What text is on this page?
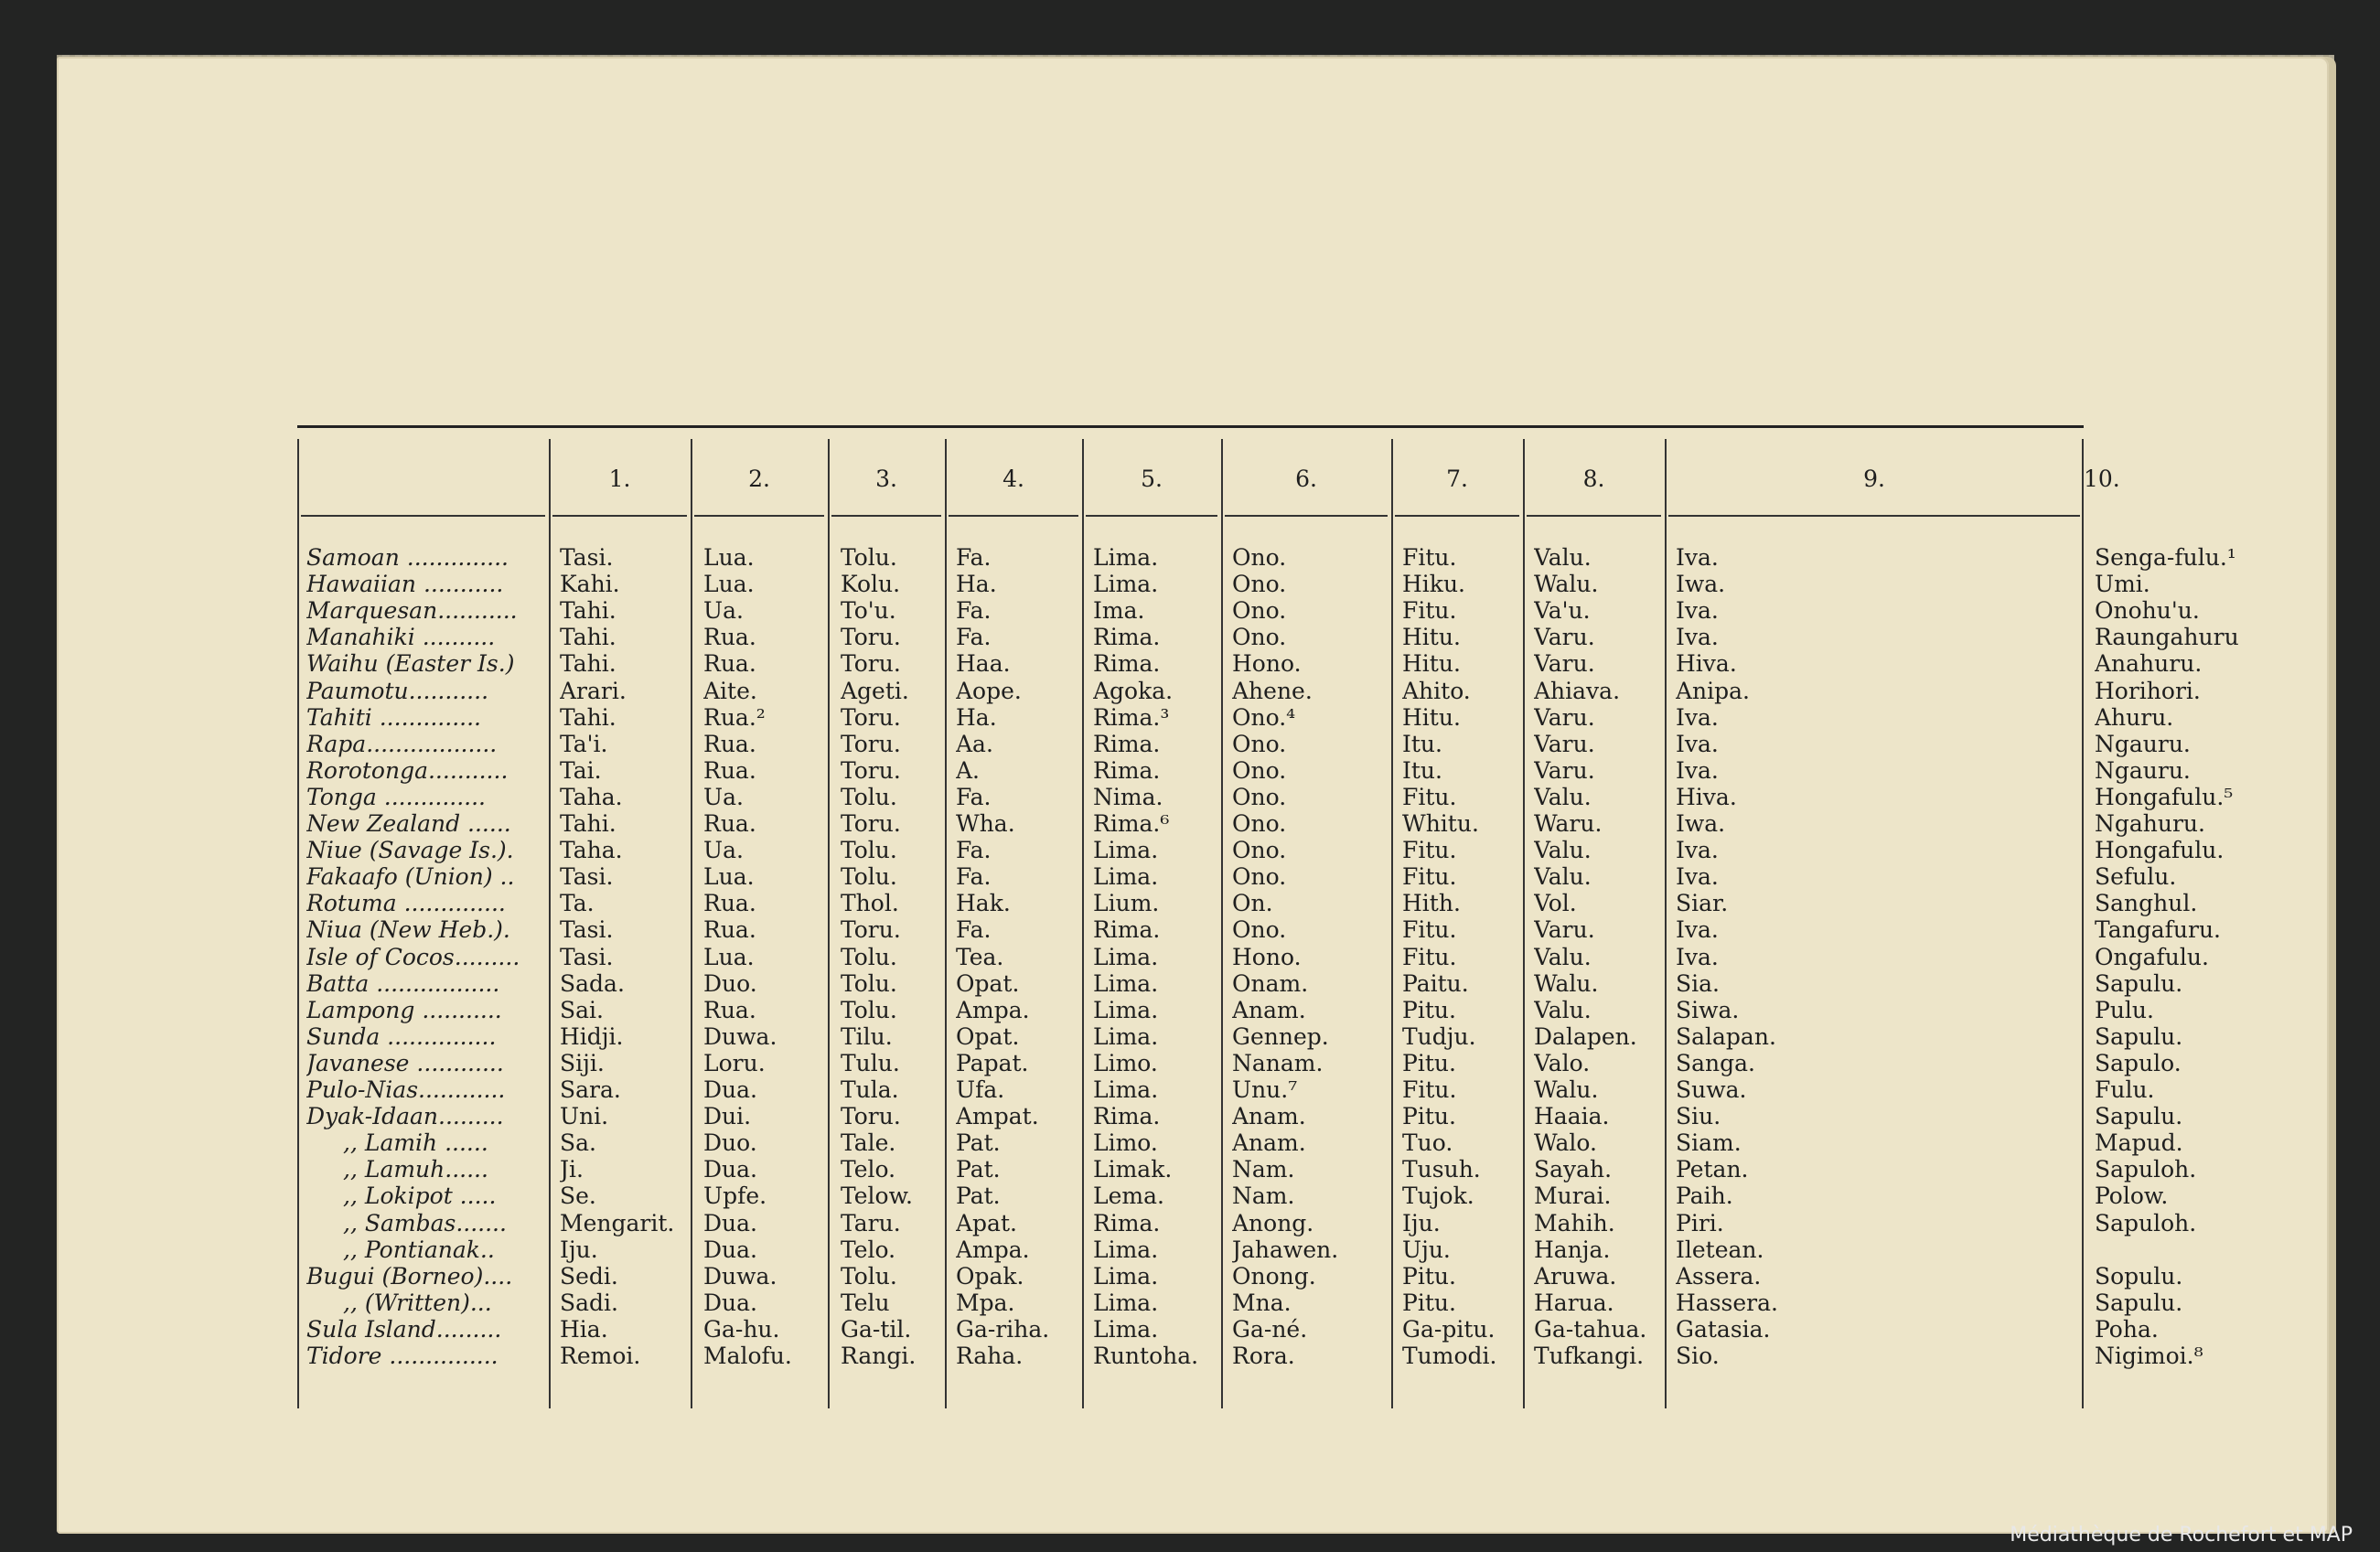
1.	2.	3.	4.	5.	6.	7.	8.	9.	10.
Samoan ..............	Tasi.	Lua.	Tolu.	Fa.	Lima.	Ono.	Fitu.	Valu.	Iva.	Senga-fulu.¹
Hawaiian ...........	Kahi.	Lua.	Kolu.	Ha.	Lima.	Ono.	Hiku.	Walu.	Iwa.	Umi.
Marquesan...........	Tahi.	Ua.	To'u.	Fa.	Ima.	Ono.	Fitu.	Va'u.	Iva.	Onohu'u.
Manahiki ..........	Tahi.	Rua.	Toru.	Fa.	Rima.	Ono.	Hitu.	Varu.	Iva.	Raungahuru
Waihu (Easter Is.)	Tahi.	Rua.	Toru.	Haa.	Rima.	Hono.	Hitu.	Varu.	Hiva.	Anahuru.
Paumotu...........	Arari.	Aite.	Ageti.	Aope.	Agoka.	Ahene.	Ahito.	Ahiava.	Anipa.	Horihori.
Tahiti ..............	Tahi.	Rua.²	Toru.	Ha.	Rima.³	Ono.⁴	Hitu.	Varu.	Iva.	Ahuru.
Rapa..................	Ta'i.	Rua.	Toru.	Aa.	Rima.	Ono.	Itu.	Varu.	Iva.	Ngauru.
Rorotonga...........	Tai.	Rua.	Toru.	A.	Rima.	Ono.	Itu.	Varu.	Iva.	Ngauru.
Tonga ..............	Taha.	Ua.	Tolu.	Fa.	Nima.	Ono.	Fitu.	Valu.	Hiva.	Hongafulu.⁵
New Zealand ......	Tahi.	Rua.	Toru.	Wha.	Rima.⁶	Ono.	Whitu.	Waru.	Iwa.	Ngahuru.
Niue (Savage Is.).	Taha.	Ua.	Tolu.	Fa.	Lima.	Ono.	Fitu.	Valu.	Iva.	Hongafulu.
Fakaafo (Union) ..	Tasi.	Lua.	Tolu.	Fa.	Lima.	Ono.	Fitu.	Valu.	Iva.	Sefulu.
Rotuma ..............	Ta.	Rua.	Thol.	Hak.	Lium.	On.	Hith.	Vol.	Siar.	Sanghul.
Niua (New Heb.).	Tasi.	Rua.	Toru.	Fa.	Rima.	Ono.	Fitu.	Varu.	Iva.	Tangafuru.
Isle of Cocos.........	Tasi.	Lua.	Tolu.	Tea.	Lima.	Hono.	Fitu.	Valu.	Iva.	Ongafulu.
Batta .................	Sada.	Duo.	Tolu.	Opat.	Lima.	Onam.	Paitu.	Walu.	Sia.	Sapulu.
Lampong ...........	Sai.	Rua.	Tolu.	Ampa.	Lima.	Anam.	Pitu.	Valu.	Siwa.	Pulu.
Sunda ...............	Hidji.	Duwa.	Tilu.	Opat.	Lima.	Gennep.	Tudju.	Dalapen.	Salapan.	Sapulu.
Javanese ............	Siji.	Loru.	Tulu.	Papat.	Limo.	Nanam.	Pitu.	Valo.	Sanga.	Sapulo.
Pulo-Nias............	Sara.	Dua.	Tula.	Ufa.	Lima.	Unu.⁷	Fitu.	Walu.	Suwa.	Fulu.
Dyak-Idaan.........	Uni.	Dui.	Toru.	Ampat.	Rima.	Anam.	Pitu.	Haaia.	Siu.	Sapulu.
,, Lamih ......	Sa.	Duo.	Tale.	Pat.	Limo.	Anam.	Tuo.	Walo.	Siam.	Mapud.
,, Lamuh......	Ji.	Dua.	Telo.	Pat.	Limak.	Nam.	Tusuh.	Sayah.	Petan.	Sapuloh.
,, Lokipot .....	Se.	Upfe.	Telow.	Pat.	Lema.	Nam.	Tujok.	Murai.	Paih.	Polow.
,, Sambas.......	Mengarit.	Dua.	Taru.	Apat.	Rima.	Anong.	Iju.	Mahih.	Piri.	Sapuloh.
,, Pontianak..	Iju.	Dua.	Telo.	Ampa.	Lima.	Jahawen.	Uju.	Hanja.	Iletean.
Bugui (Borneo)....	Sedi.	Duwa.	Tolu.	Opak.	Lima.	Onong.	Pitu.	Aruwa.	Assera.	Sopulu.
,, (Written)...	Sadi.	Dua.	Telu	Mpa.	Lima.	Mna.	Pitu.	Harua.	Hassera.	Sapulu.
Sula Island.........	Hia.	Ga-hu.	Ga-til.	Ga-riha.	Lima.	Ga-né.	Ga-pitu.	Ga-tahua.	Gatasia.	Poha.
Tidore ...............	Remoi.	Malofu.	Rangi.	Raha.	Runtoha.	Rora.	Tumodi.	Tufkangi.	Sio.	Nigimoi.⁸
Médiathèque de Rochefort et MAP
